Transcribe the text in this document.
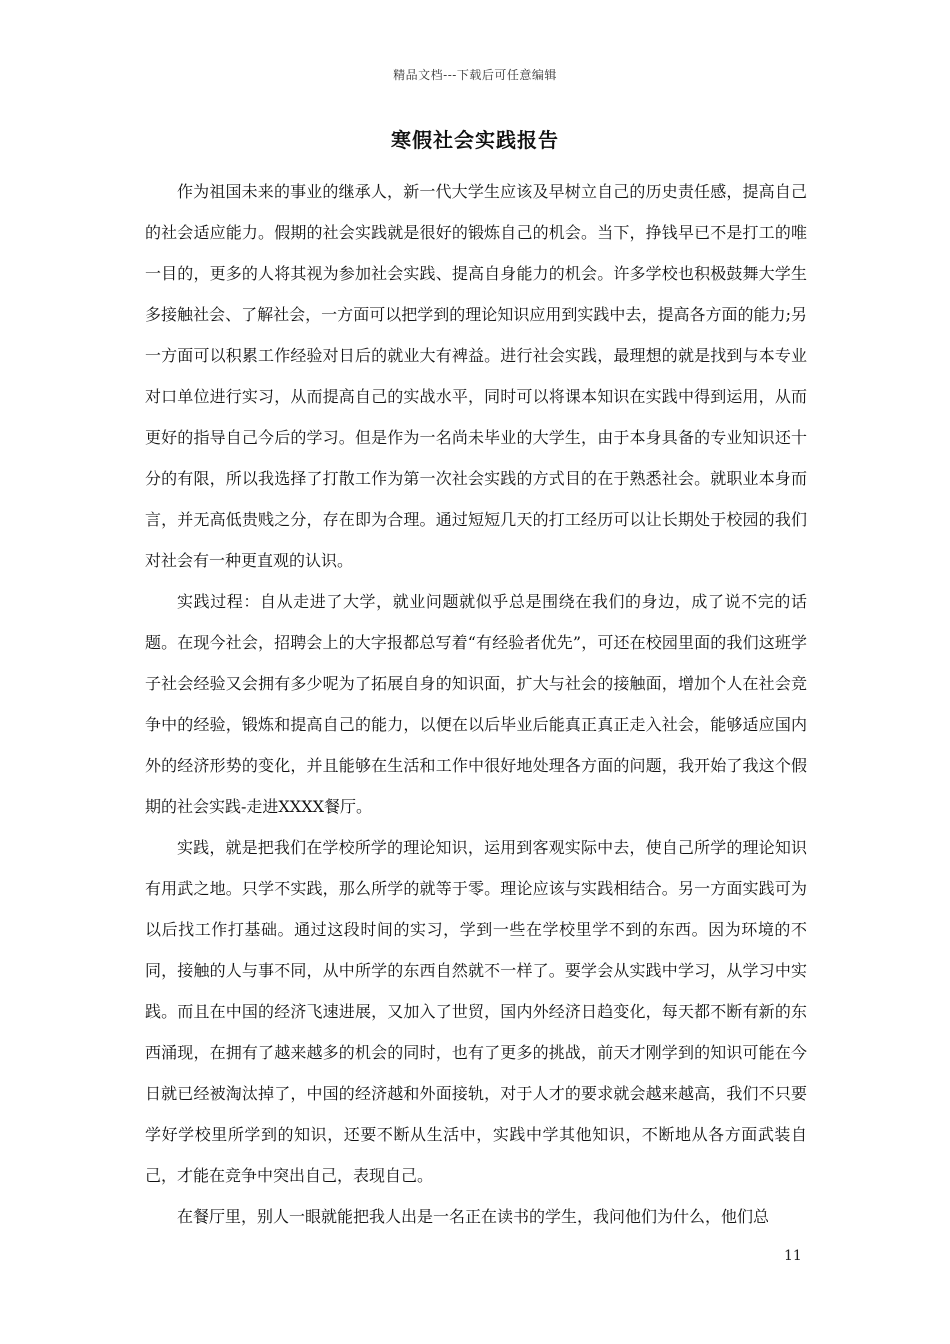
精品文档---下载后可任意编辑
寒假社会实践报告

作为祖国未来的事业的继承人，新一代大学生应该及早树立自己的历史责任感，提高自己的社会适应能力。假期的社会实践就是很好的锻炼自己的机会。当下，挣钱早已不是打工的唯一目的，更多的人将其视为参加社会实践、提高自身能力的机会。许多学校也积极鼓舞大学生多接触社会、了解社会，一方面可以把学到的理论知识应用到实践中去，提高各方面的能力;另一方面可以积累工作经验对日后的就业大有裨益。进行社会实践，最理想的就是找到与本专业对口单位进行实习，从而提高自己的实战水平，同时可以将课本知识在实践中得到运用，从而更好的指导自己今后的学习。但是作为一名尚未毕业的大学生，由于本身具备的专业知识还十分的有限，所以我选择了打散工作为第一次社会实践的方式目的在于熟悉社会。就职业本身而言，并无高低贵贱之分，存在即为合理。通过短短几天的打工经历可以让长期处于校园的我们对社会有一种更直观的认识。

实践过程：自从走进了大学，就业问题就似乎总是围绕在我们的身边，成了说不完的话题。在现今社会，招聘会上的大字报都总写着“有经验者优先”，可还在校园里面的我们这班学子社会经验又会拥有多少呢为了拓展自身的知识面，扩大与社会的接触面，增加个人在社会竞争中的经验，锻炼和提高自己的能力，以便在以后毕业后能真正真正走入社会，能够适应国内外的经济形势的变化，并且能够在生活和工作中很好地处理各方面的问题，我开始了我这个假期的社会实践-走进XXXX餐厅。

实践，就是把我们在学校所学的理论知识，运用到客观实际中去，使自己所学的理论知识有用武之地。只学不实践，那么所学的就等于零。理论应该与实践相结合。另一方面实践可为以后找工作打基础。通过这段时间的实习，学到一些在学校里学不到的东西。因为环境的不同，接触的人与事不同，从中所学的东西自然就不一样了。要学会从实践中学习，从学习中实践。而且在中国的经济飞速进展，又加入了世贸，国内外经济日趋变化，每天都不断有新的东西涌现，在拥有了越来越多的机会的同时，也有了更多的挑战，前天才刚学到的知识可能在今日就已经被淘汰掉了，中国的经济越和外面接轨，对于人才的要求就会越来越高，我们不只要学好学校里所学到的知识，还要不断从生活中，实践中学其他知识，不断地从各方面武装自己，才能在竞争中突出自己，表现自己。

在餐厅里，别人一眼就能把我人出是一名正在读书的学生，我问他们为什么，他们总

11
